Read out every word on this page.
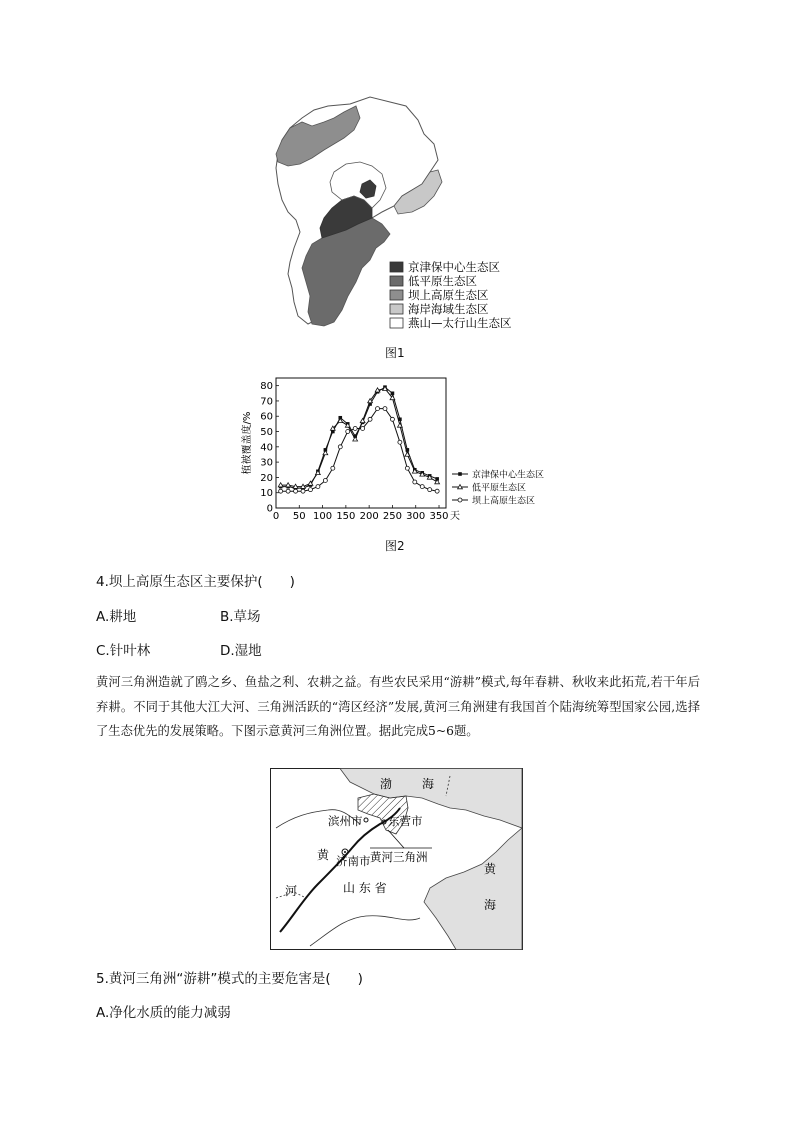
京津保中心生态区
低平原生态区
坝上高原生态区
海岸海域生态区
燕山—太行山生态区
图1
0 50 100 150 200 250 300 350
0
10
20
30
40
50
60
70
80
天
植被覆盖度/%
京津保中心生态区
低平原生态区
坝上高原生态区
图2
4.坝上高原生态区主要保护(　　)
A.耕地	B.草场
C.针叶林	D.湿地
黄河三角洲造就了鸥之乡、鱼盐之利、农耕之益。有些农民采用“游耕”模式,每年春耕、秋收来此拓荒,若干年后弃耕。不同于其他大江大河、三角洲活跃的“湾区经济”发展,黄河三角洲建有我国首个陆海统筹型国家公园,选择了生态优先的发展策略。下图示意黄河三角洲位置。据此完成5~6题。
渤 海
滨州市 东营市
黄河三角洲
济南市
黄
河	山 东 省
黄
海
5.黄河三角洲“游耕”模式的主要危害是(　　)
A.净化水质的能力减弱
